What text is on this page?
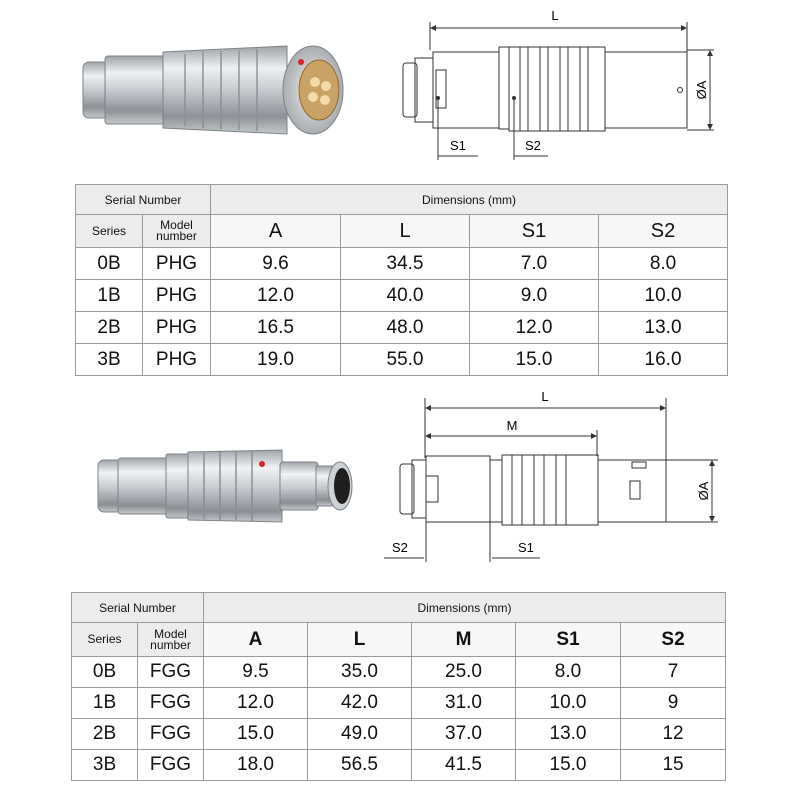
L
ØA
S1	S2
Serial Number		Dimensions (mm)			
Series	Model number	A	L	S1	S2
0B	PHG	9.6	34.5	7.0	8.0
1B	PHG	12.0	40.0	9.0	10.0
2B	PHG	16.5	48.0	12.0	13.0
3B	PHG	19.0	55.0	15.0	16.0
L
M
ØA
S2	S1
Serial Number		Dimensions (mm)				
Series	Model number	A	L	M	S1	S2
0B	FGG	9.5	35.0	25.0	8.0	7
1B	FGG	12.0	42.0	31.0	10.0	9
2B	FGG	15.0	49.0	37.0	13.0	12
3B	FGG	18.0	56.5	41.5	15.0	15
